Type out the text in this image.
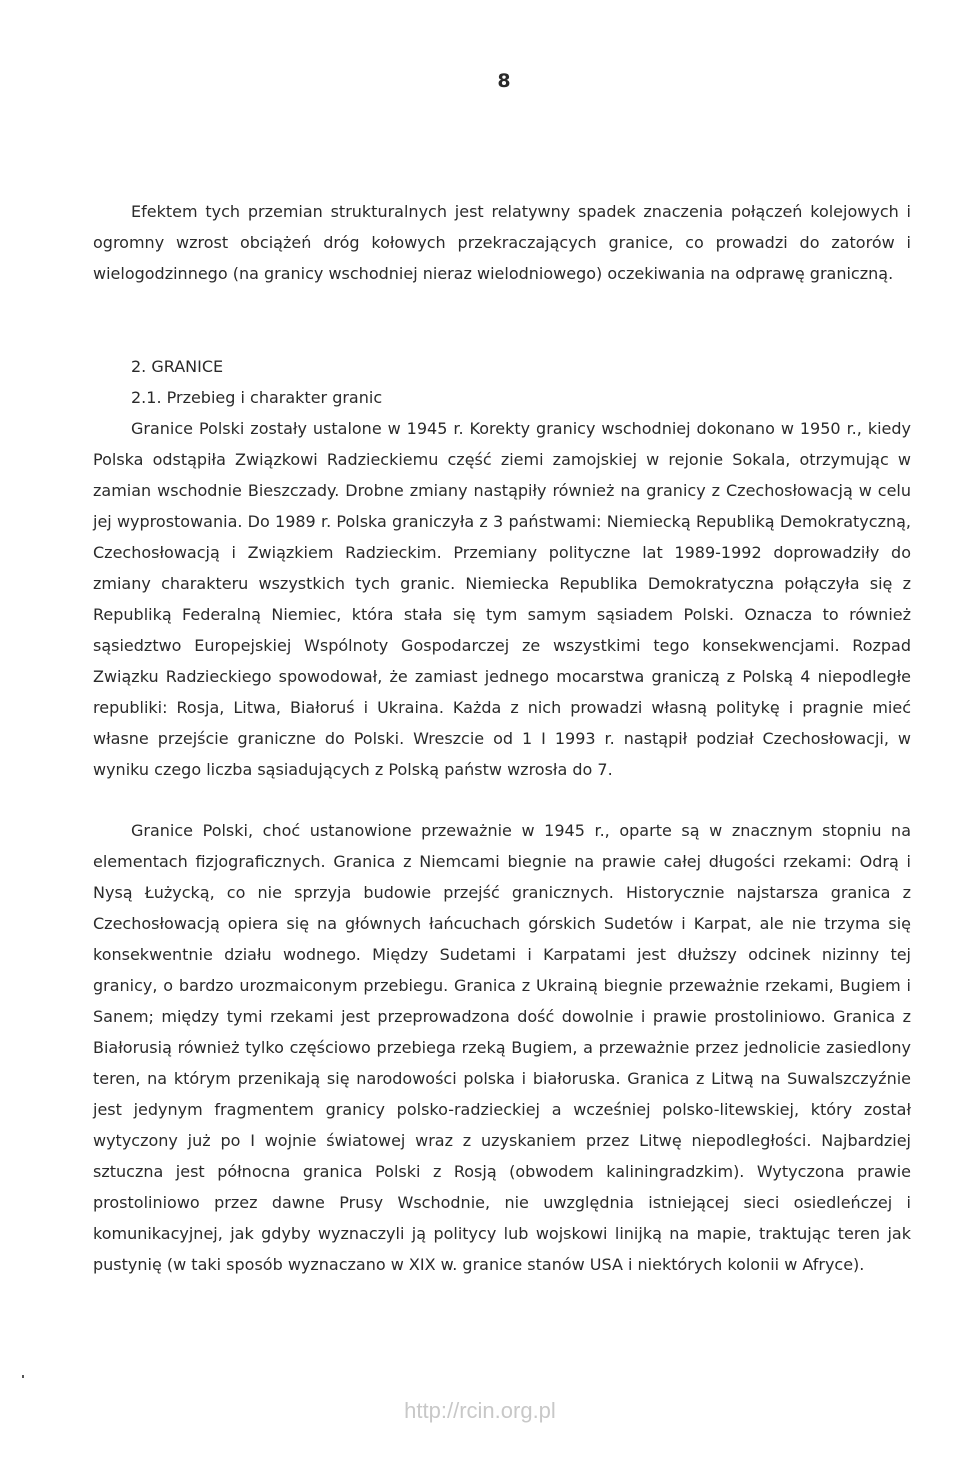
8

Efektem tych przemian strukturalnych jest relatywny spadek znaczenia połączeń kolejowych i ogromny wzrost obciążeń dróg kołowych przekraczających granice, co prowadzi do zatorów i wielogodzinnego (na granicy wschodniej nieraz wielodniowego) oczekiwania na odprawę graniczną.

2. GRANICE

2.1. Przebieg i charakter granic

Granice Polski zostały ustalone w 1945 r. Korekty granicy wschodniej dokonano w 1950 r., kiedy Polska odstąpiła Związkowi Radzieckiemu część ziemi zamojskiej w rejonie Sokala, otrzymując w zamian wschodnie Bieszczady. Drobne zmiany nastąpiły również na granicy z Czechosłowacją w celu jej wyprostowania. Do 1989 r. Polska graniczyła z 3 państwami: Niemiecką Republiką Demokratyczną, Czechosłowacją i Związkiem Radzieckim. Przemiany polityczne lat 1989-1992 doprowadziły do zmiany charakteru wszystkich tych granic. Niemiecka Republika Demokratyczna połączyła się z Republiką Federalną Niemiec, która stała się tym samym sąsiadem Polski. Oznacza to również sąsiedztwo Europejskiej Wspólnoty Gospodarczej ze wszystkimi tego konsekwencjami. Rozpad Związku Radzieckiego spowodował, że zamiast jednego mocarstwa graniczą z Polską 4 niepodległe republiki: Rosja, Litwa, Białoruś i Ukraina. Każda z nich prowadzi własną politykę i pragnie mieć własne przejście graniczne do Polski. Wreszcie od 1 I 1993 r. nastąpił podział Czechosłowacji, w wyniku czego liczba sąsiadujących z Polską państw wzrosła do 7.

Granice Polski, choć ustanowione przeważnie w 1945 r., oparte są w znacznym stopniu na elementach fizjograficznych. Granica z Niemcami biegnie na prawie całej długości rzekami: Odrą i Nysą Łużycką, co nie sprzyja budowie przejść granicznych. Historycznie najstarsza granica z Czechosłowacją opiera się na głównych łańcuchach górskich Sudetów i Karpat, ale nie trzyma się konsekwentnie działu wodnego. Między Sudetami i Karpatami jest dłuższy odcinek nizinny tej granicy, o bardzo urozmaiconym przebiegu. Granica z Ukrainą biegnie przeważnie rzekami, Bugiem i Sanem; między tymi rzekami jest przeprowadzona dość dowolnie i prawie prostoliniowo. Granica z Białorusią również tylko częściowo przebiega rzeką Bugiem, a przeważnie przez jednolicie zasiedlony teren, na którym przenikają się narodowości polska i białoruska. Granica z Litwą na Suwalszczyźnie jest jedynym fragmentem granicy polsko-radzieckiej a wcześniej polsko-litewskiej, który został wytyczony już po I wojnie światowej wraz z uzyskaniem przez Litwę niepodległości. Najbardziej sztuczna jest północna granica Polski z Rosją (obwodem kaliningradzkim). Wytyczona prawie prostoliniowo przez dawne Prusy Wschodnie, nie uwzględnia istniejącej sieci osiedleńczej i komunikacyjnej, jak gdyby wyznaczyli ją politycy lub wojskowi linijką na mapie, traktując teren jak pustynię (w taki sposób wyznaczano w XIX w. granice stanów USA i niektórych kolonii w Afryce).

http://rcin.org.pl
